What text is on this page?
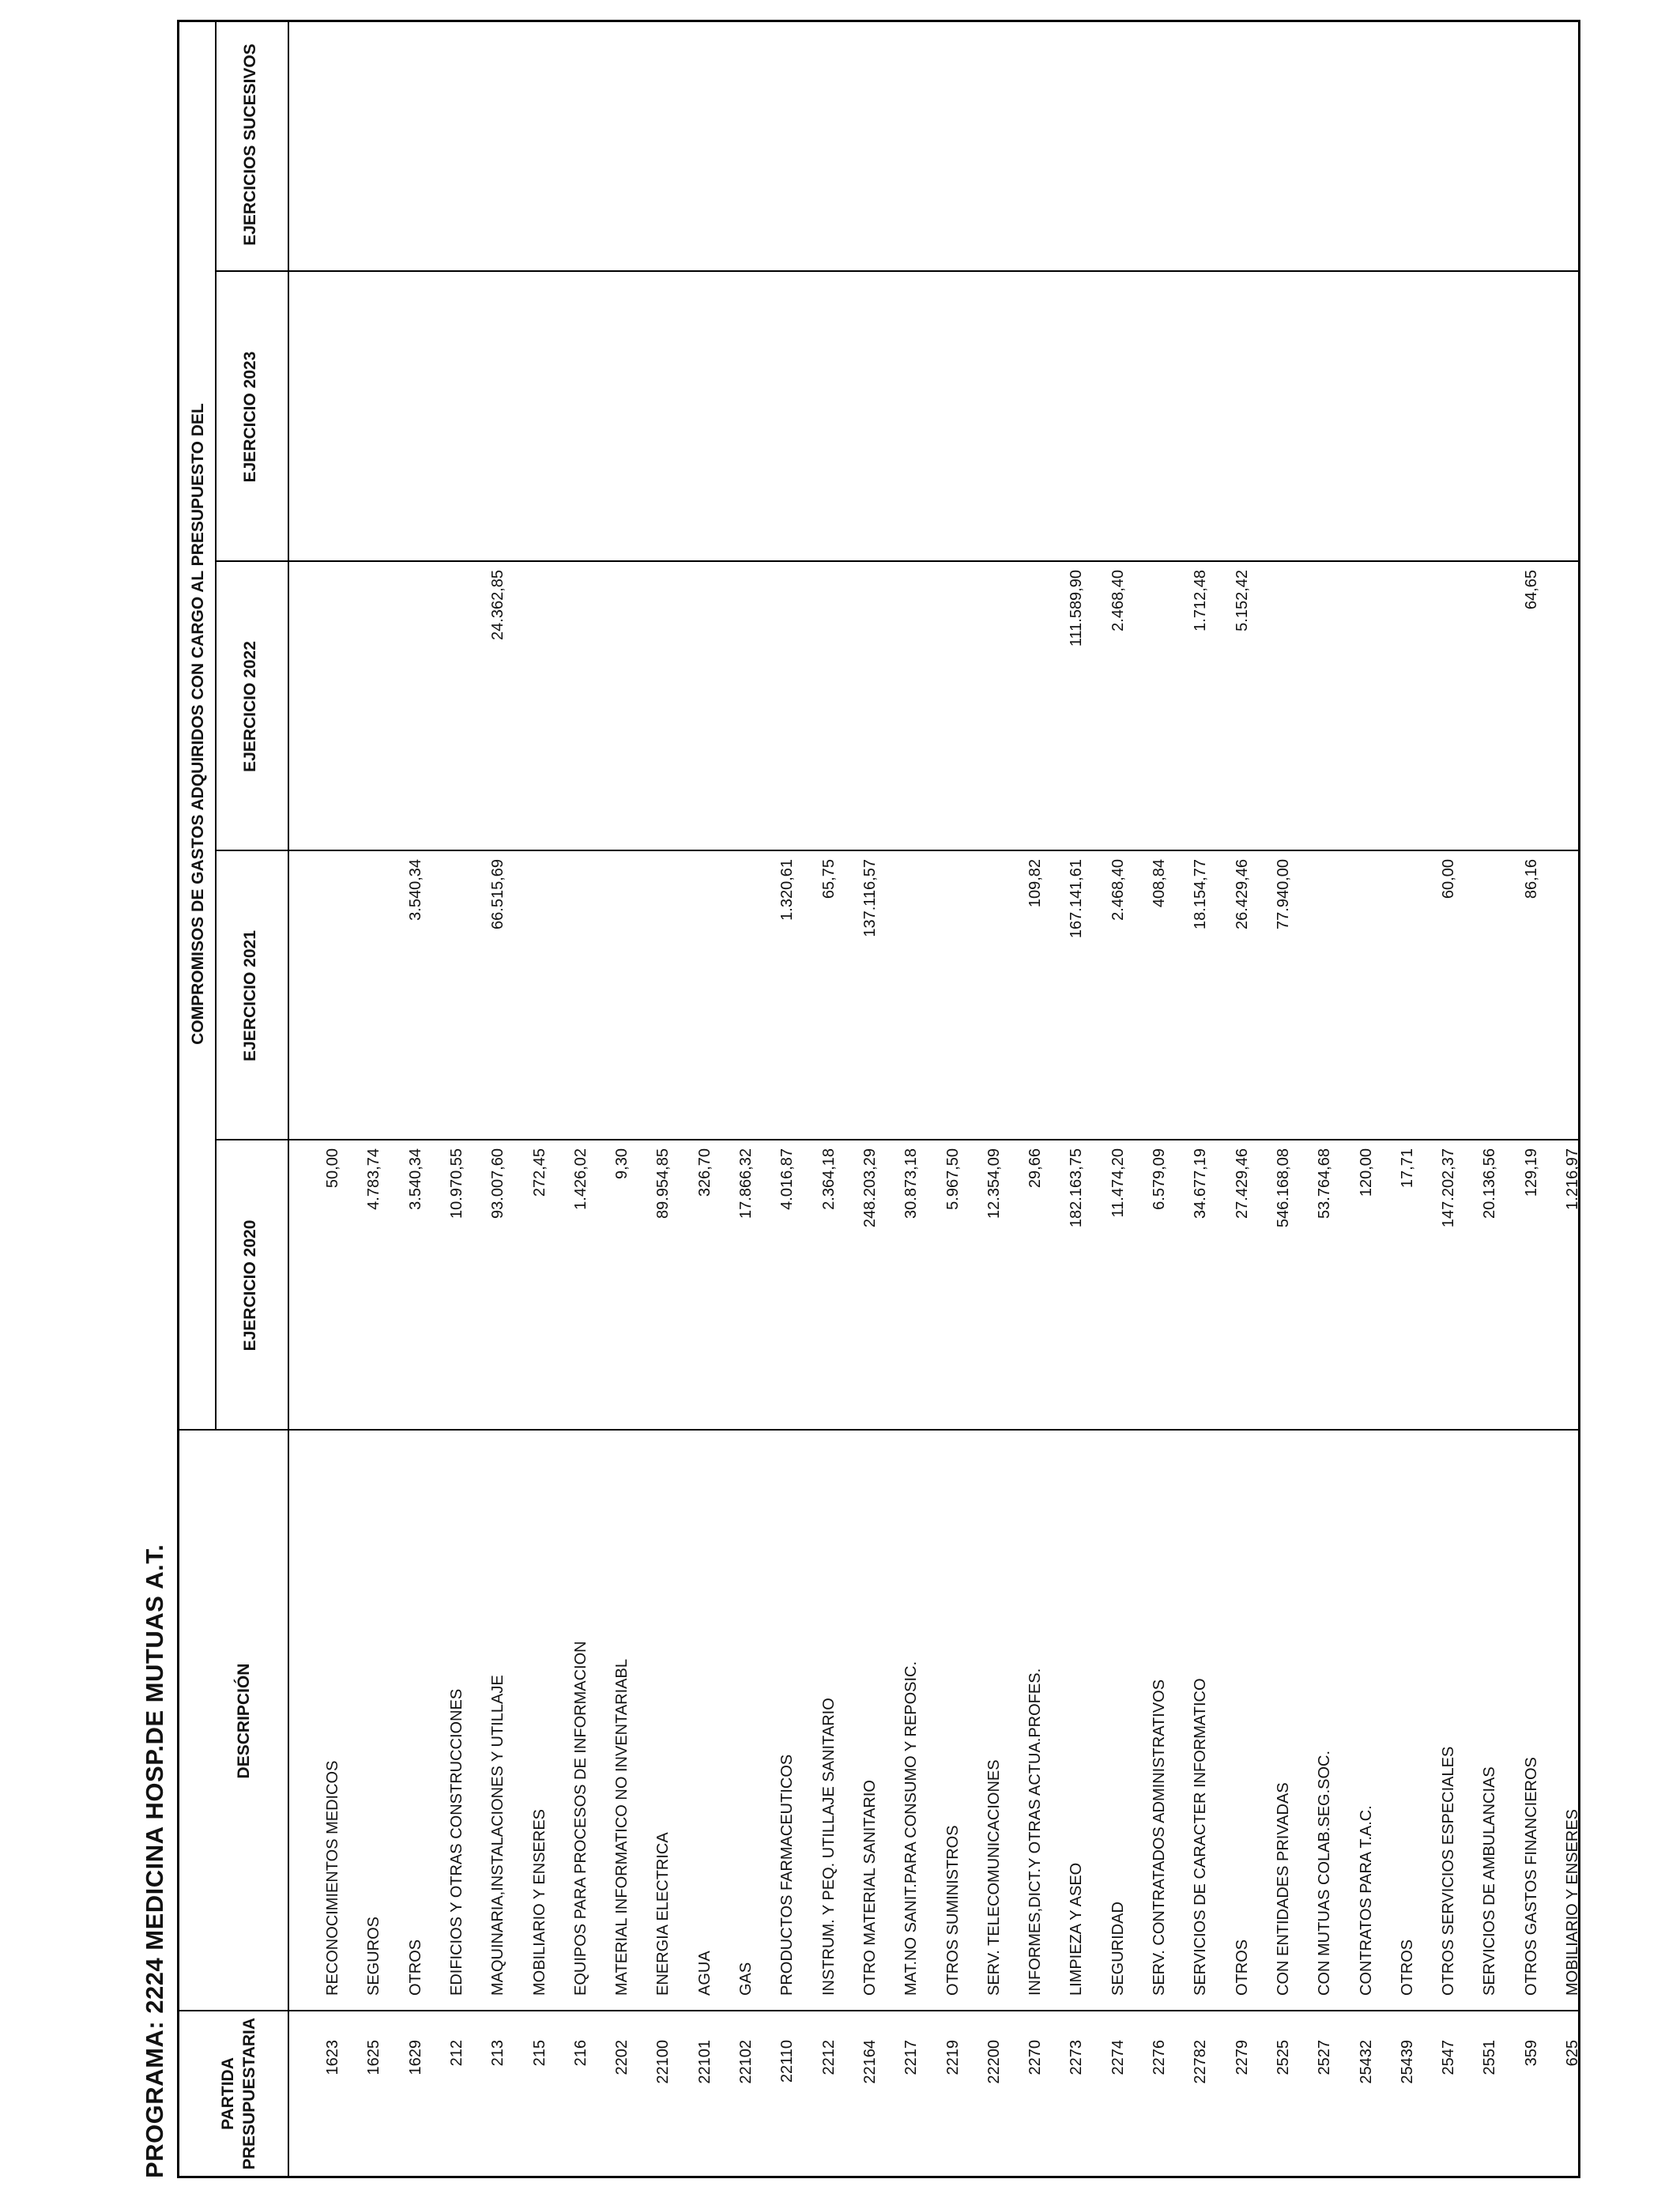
PROGRAMA: 2224 MEDICINA HOSP.DE MUTUAS A.T.	PARTIDA PRESUPUESTARIA
DESCRIPCIÓN
COMPROMISOS DE GASTOS ADQUIRIDOS CON CARGO AL PRESUPUESTO DEL
EJERCICIO 2020
EJERCICIO 2021
EJERCICIO 2022
EJERCICIO 2023
EJERCICIOS SUCESIVOS
1623
RECONOCIMIENTOS MEDICOS
50,00
1625
SEGUROS
4.783,74
1629
OTROS
3.540,34
3.540,34
212
EDIFICIOS Y OTRAS CONSTRUCCIONES
10.970,55
213
MAQUINARIA,INSTALACIONES Y UTILLAJE
93.007,60
66.515,69
24.362,85
215
MOBILIARIO Y ENSERES
272,45
216
EQUIPOS PARA PROCESOS DE INFORMACION
1.426,02
2202
MATERIAL INFORMATICO NO INVENTARIABL
9,30
22100
ENERGIA ELECTRICA
89.954,85
22101
AGUA
326,70
22102
GAS
17.866,32
22110
PRODUCTOS FARMACEUTICOS
4.016,87
1.320,61
2212
INSTRUM. Y PEQ. UTILLAJE SANITARIO
2.364,18
65,75
22164
OTRO MATERIAL SANITARIO
248.203,29
137.116,57
2217
MAT.NO SANIT.PARA CONSUMO Y REPOSIC.
30.873,18
2219
OTROS SUMINISTROS
5.967,50
22200
SERV. TELECOMUNICACIONES
12.354,09
2270
INFORMES,DICT.Y OTRAS ACTUA.PROFES.
29,66
109,82
2273
LIMPIEZA Y ASEO
182.163,75
167.141,61
111.589,90
2274
SEGURIDAD
11.474,20
2.468,40
2.468,40
2276
SERV. CONTRATADOS ADMINISTRATIVOS
6.579,09
408,84
22782
SERVICIOS DE CARACTER INFORMATICO
34.677,19
18.154,77
1.712,48
2279
OTROS
27.429,46
26.429,46
5.152,42
2525
CON ENTIDADES PRIVADAS
546.168,08
77.940,00
2527
CON MUTUAS COLAB.SEG.SOC.
53.764,68
25432
CONTRATOS PARA T.A.C.
120,00
25439
OTROS
17,71
2547
OTROS SERVICIOS ESPECIALES
147.202,37
60,00
2551
SERVICIOS DE AMBULANCIAS
20.136,56
359
OTROS GASTOS FINANCIEROS
129,19
86,16
64,65
625
MOBILIARIO Y ENSERES
1.216,97
